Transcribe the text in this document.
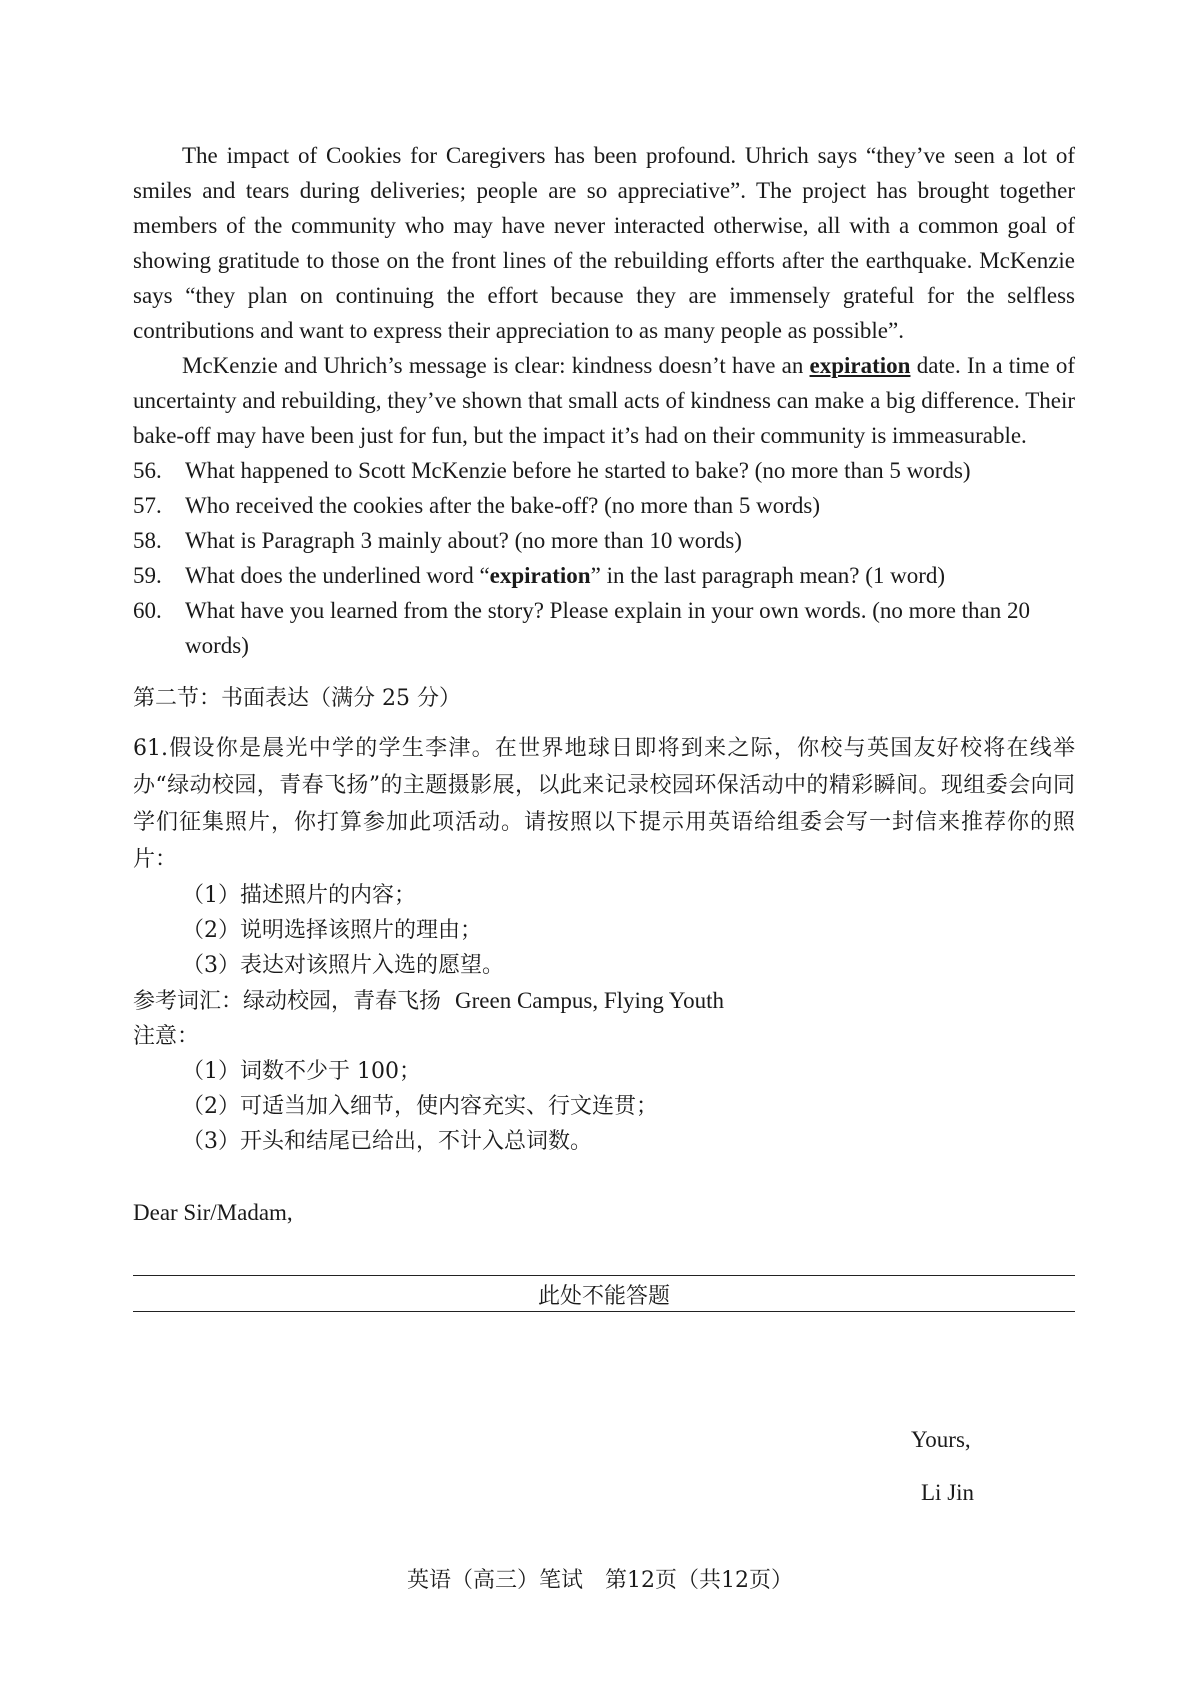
The impact of Cookies for Caregivers has been profound. Uhrich says “they’ve seen a lot of smiles and tears during deliveries; people are so appreciative”. The project has brought together members of the community who may have never interacted otherwise, all with a common goal of showing gratitude to those on the front lines of the rebuilding efforts after the earthquake. McKenzie says “they plan on continuing the effort because they are immensely grateful for the selfless contributions and want to express their appreciation to as many people as possible”.

McKenzie and Uhrich’s message is clear: kindness doesn’t have an expiration date. In a time of uncertainty and rebuilding, they’ve shown that small acts of kindness can make a big difference. Their bake-off may have been just for fun, but the impact it’s had on their community is immeasurable.

56.	What happened to Scott McKenzie before he started to bake? (no more than 5 words)
57.	Who received the cookies after the bake-off? (no more than 5 words)
58.	What is Paragraph 3 mainly about? (no more than 10 words)
59.	What does the underlined word “expiration” in the last paragraph mean? (1 word)
60.	What have you learned from the story? Please explain in your own words. (no more than 20 words)
第二节：书面表达（满分 25 分）
61.假设你是晨光中学的学生李津。在世界地球日即将到来之际，你校与英国友好校将在线举办“绿动校园，青春飞扬”的主题摄影展，以此来记录校园环保活动中的精彩瞬间。现组委会向同学们征集照片，你打算参加此项活动。请按照以下提示用英语给组委会写一封信来推荐你的照片：
（1）描述照片的内容；
（2）说明选择该照片的理由；
（3）表达对该照片入选的愿望。
参考词汇：绿动校园，青春飞扬 Green Campus, Flying Youth
注意：
（1）词数不少于 100；
（2）可适当加入细节，使内容充实、行文连贯；
（3）开头和结尾已给出，不计入总词数。
Dear Sir/Madam,
此处不能答题
Yours,
Li Jin
英语（高三）笔试　第12页（共12页）
